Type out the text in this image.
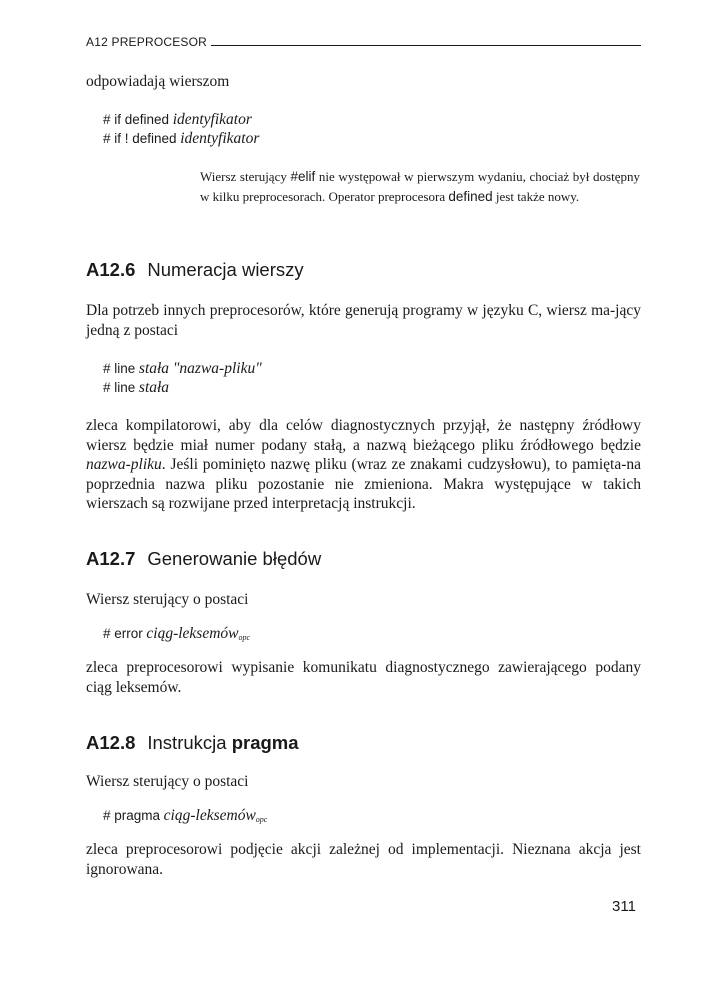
A12 PREPROCESOR

odpowiadają wierszom

# if defined identyfikator
# if ! defined identyfikator
Wiersz sterujący #elif nie występował w pierwszym wydaniu, chociaż był dostępny w kilku preprocesorach. Operator preprocesora defined jest także nowy.
A12.6 Numeracja wierszy

Dla potrzeb innych preprocesorów, które generują programy w języku C, wiersz ma-jący jedną z postaci

# line stała "nazwa-pliku"
# line stała

zleca kompilatorowi, aby dla celów diagnostycznych przyjął, że następny źródłowy wiersz będzie miał numer podany stałą, a nazwą bieżącego pliku źródłowego będzie nazwa-pliku. Jeśli pominięto nazwę pliku (wraz ze znakami cudzysłowu), to pamięta-na poprzednia nazwa pliku pozostanie nie zmieniona. Makra występujące w takich wierszach są rozwijane przed interpretacją instrukcji.

A12.7 Generowanie błędów

Wiersz sterujący o postaci

# error ciąg-leksemów$_{opc}$

zleca preprocesorowi wypisanie komunikatu diagnostycznego zawierającego podany ciąg leksemów.

A12.8 Instrukcja pragma

Wiersz sterujący o postaci

# pragma ciąg-leksemów$_{opc}$

zleca preprocesorowi podjęcie akcji zależnej od implementacji. Nieznana akcja jest ignorowana.

311
